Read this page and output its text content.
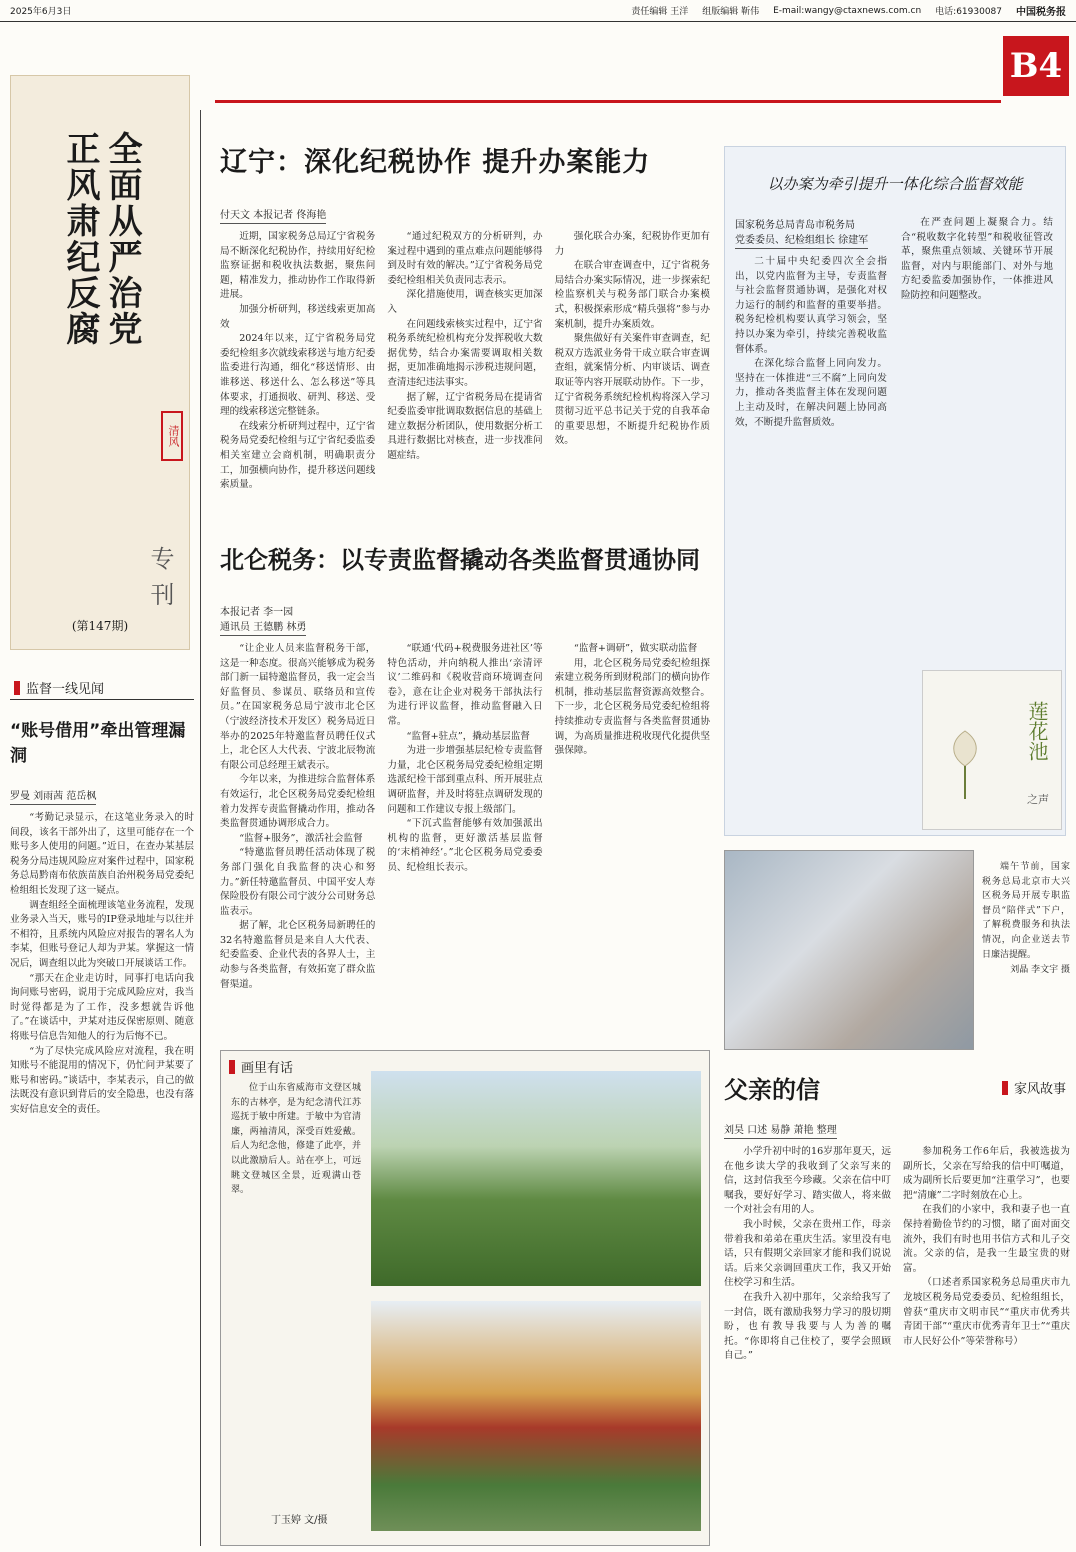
2025年6月3日	责任编辑 王洋 组版编辑 靳伟 E-mail:wangy@ctaxnews.com.cn 电话:61930087 中国税务报
B4
全面从严治党
正风肃纪反腐
清风
专刊
(第147期)
监督一线见闻
“账号借用”牵出管理漏洞
罗曼 刘雨茜 范岳枫

“考勤记录显示，在这笔业务录入的时间段，该名干部外出了，这里可能存在一个账号多人使用的问题。”近日，在查办某基层税务分局违规风险应对案件过程中，国家税务总局黔南布依族苗族自治州税务局党委纪检组组长发现了这一疑点。

调查组经全面梳理该笔业务流程，发现业务录入当天，账号的IP登录地址与以往并不相符，且系统内风险应对报告的署名人为李某，但账号登记人却为尹某。掌握这一情况后，调查组以此为突破口开展谈话工作。

“那天在企业走访时，同事打电话向我询问账号密码，说用于完成风险应对，我当时觉得都是为了工作，没多想就告诉他了。”在谈话中，尹某对违反保密原则、随意将账号信息告知他人的行为后悔不已。

“为了尽快完成风险应对流程，我在明知账号不能混用的情况下，仍忙问尹某要了账号和密码。”谈话中，李某表示，自己的做法既没有意识到背后的安全隐患，也没有落实好信息安全的责任。

辽宁：深化纪税协作 提升办案能力
付天文 本报记者 佟海艳

近期，国家税务总局辽宁省税务局不断深化纪税协作，持续用好纪检监察证据和税收执法数据，聚焦问题，精准发力，推动协作工作取得新进展。

加强分析研判，移送线索更加高效

2024年以来，辽宁省税务局党委纪检组多次就线索移送与地方纪委监委进行沟通，细化“移送情形、由谁移送、移送什么、怎么移送”等具体要求，打通损收、研判、移送、受理的线索移送完整链条。

在线索分析研判过程中，辽宁省税务局党委纪检组与辽宁省纪委监委相关室建立会商机制，明确职责分工，加强横向协作，提升移送问题线索质量。

“通过纪税双方的分析研判，办案过程中遇到的重点难点问题能够得到及时有效的解决。”辽宁省税务局党委纪检组相关负责同志表示。

深化措施使用，调查核实更加深入

在问题线索核实过程中，辽宁省税务系统纪检机构充分发挥税收大数据优势，结合办案需要调取相关数据，更加准确地揭示涉税违规问题，查清违纪违法事实。

据了解，辽宁省税务局在提请省纪委监委审批调取数据信息的基础上建立数据分析团队，使用数据分析工具进行数据比对核查，进一步找准问题症结。

强化联合办案，纪税协作更加有力

在联合审查调查中，辽宁省税务局结合办案实际情况，进一步探索纪检监察机关与税务部门联合办案模式，积极探索形成“精兵强将”参与办案机制，提升办案质效。

聚焦做好有关案件审查调查，纪税双方选派业务骨干成立联合审查调查组，就案情分析、内审谈话、调查取证等内容开展联动协作。下一步，辽宁省税务系统纪检机构将深入学习贯彻习近平总书记关于党的自我革命的重要思想，不断提升纪税协作质效。

北仑税务：以专责监督撬动各类监督贯通协同
本报记者 李一园
通讯员 王德鹏 林勇

“让企业人员来监督税务干部，这是一种态度。很高兴能够成为税务部门新一届特邀监督员，我一定会当好监督员、参谋员、联络员和宣传员。”在国家税务总局宁波市北仑区（宁波经济技术开发区）税务局近日举办的2025年特邀监督员聘任仪式上，北仑区人大代表、宁波北辰物流有限公司总经理王斌表示。

今年以来，为推进综合监督体系有效运行，北仑区税务局党委纪检组着力发挥专责监督撬动作用，推动各类监督贯通协调形成合力。

“监督+服务”，激活社会监督

“特邀监督员聘任活动体现了税务部门强化自我监督的决心和努力。”新任特邀监督员、中国平安人寿保险股份有限公司宁波分公司财务总监表示。

据了解，北仑区税务局新聘任的32名特邀监督员是来自人大代表、纪委监委、企业代表的各界人士，主动参与各类监督，有效拓宽了群众监督渠道。

“联通‘代码+税费服务进社区’等特色活动，并向纳税人推出‘亲清评议’二维码和《税收营商环境调查问卷》，意在让企业对税务干部执法行为进行评议监督，推动监督融入日常。

“监督+驻点”，撬动基层监督

为进一步增强基层纪检专责监督力量，北仑区税务局党委纪检组定期选派纪检干部到重点科、所开展驻点调研监督，并及时将驻点调研发现的问题和工作建议专报上级部门。

“下沉式监督能够有效加强派出机构的监督，更好激活基层监督的‘末梢神经’。”北仑区税务局党委委员、纪检组长表示。

“监督+调研”，做实联动监督

用，北仑区税务局党委纪检组探索建立税务所到财税部门的横向协作机制，推动基层监督资源高效整合。下一步，北仑区税务局党委纪检组将持续推动专责监督与各类监督贯通协调，为高质量推进税收现代化提供坚强保障。

以办案为牵引提升一体化综合监督效能
国家税务总局青岛市税务局
党委委员、纪检组组长 徐建军

二十届中央纪委四次全会指出，以党内监督为主导，专责监督与社会监督贯通协调，是强化对权力运行的制约和监督的重要举措。税务纪检机构要认真学习领会，坚持以办案为牵引，持续完善税收监督体系。

在深化综合监督上同向发力。坚持在一体推进“三不腐”上同向发力，推动各类监督主体在发现问题上主动及时，在解决问题上协同高效，不断提升监督质效。

在严查问题上凝聚合力。结合“税收数字化转型”和税收征管改革，聚焦重点领域、关键环节开展监督，对内与职能部门、对外与地方纪委监委加强协作，一体推进风险防控和问题整改。

莲花池
之声

端午节前，国家税务总局北京市大兴区税务局开展专职监督员“陪伴式”下户，了解税费服务和执法情况，向企业送去节日廉洁提醒。

刘晶 李文宇 摄
画里有话

位于山东省威海市文登区城东的古林亭，是为纪念清代江苏巡抚于敏中所建。于敏中为官清廉，两袖清风，深受百姓爱戴。后人为纪念他，修建了此亭，并以此激励后人。站在亭上，可远眺文登城区全景，近观满山苍翠。

丁玉婷 文/摄
父亲的信	家风故事
刘昊 口述 易静 萧艳 整理

小学升初中时的16岁那年夏天，远在他乡读大学的我收到了父亲写来的信，这封信我至今珍藏。父亲在信中叮嘱我，要好好学习、踏实做人，将来做一个对社会有用的人。

我小时候，父亲在贵州工作，母亲带着我和弟弟在重庆生活。家里没有电话，只有假期父亲回家才能和我们说说话。后来父亲调回重庆工作，我又开始住校学习和生活。

在我升入初中那年，父亲给我写了一封信，既有激励我努力学习的殷切期盼，也有教导我要与人为善的嘱托。“你即将自己住校了，要学会照顾自己。”

参加税务工作6年后，我被选拔为副所长，父亲在写给我的信中叮嘱道，成为副所长后要更加“注重学习”，也要把“清廉”二字时刻放在心上。

在我们的小家中，我和妻子也一直保持着勤俭节约的习惯，睹了面对面交流外，我们有时也用书信方式和儿子交流。父亲的信，是我一生最宝贵的财富。

（口述者系国家税务总局重庆市九龙坡区税务局党委委员、纪检组组长，曾获“重庆市文明市民”“重庆市优秀共青团干部”“重庆市优秀青年卫士”“重庆市人民好公仆”等荣誉称号）
